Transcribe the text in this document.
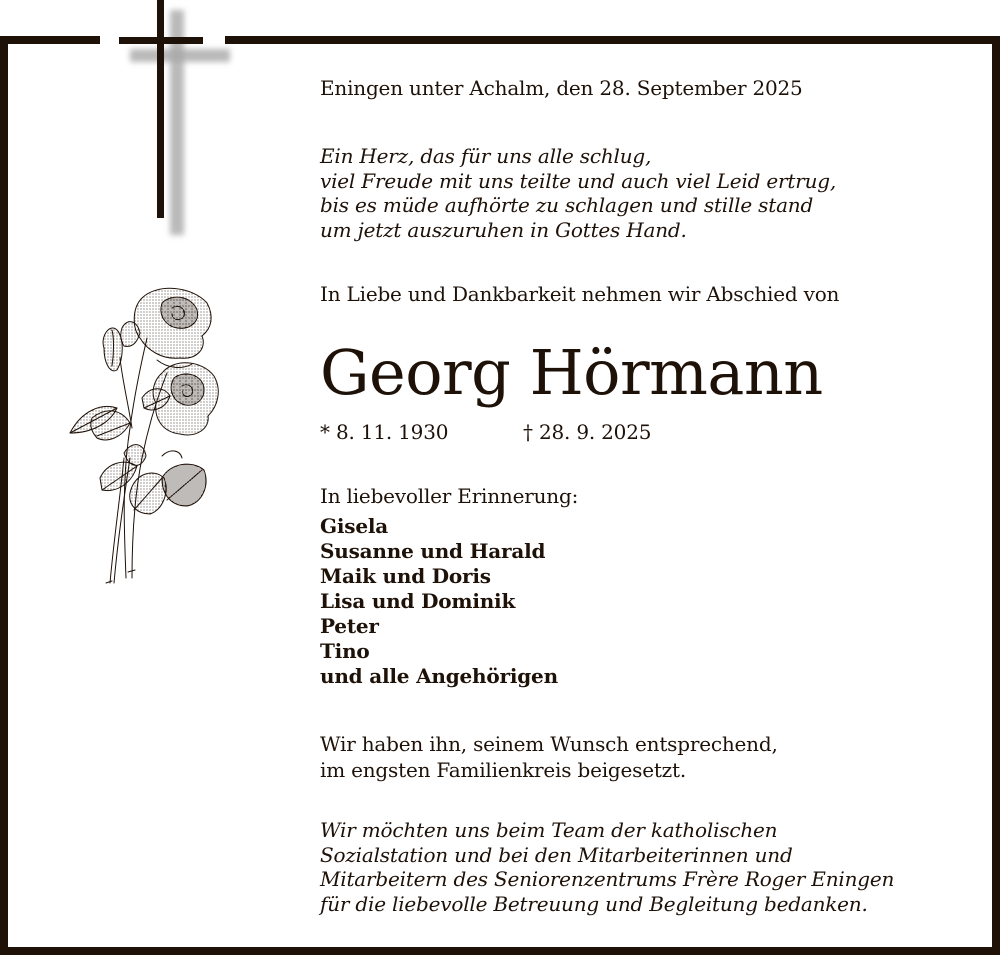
Eningen unter Achalm, den 28. September 2025
Ein Herz, das für uns alle schlug,
viel Freude mit uns teilte und auch viel Leid ertrug,
bis es müde aufhörte zu schlagen und stille stand
um jetzt auszuruhen in Gottes Hand.
In Liebe und Dankbarkeit nehmen wir Abschied von
Georg Hörmann
* 8. 11. 1930	† 28. 9. 2025
In liebevoller Erinnerung:
Gisela
Susanne und Harald
Maik und Doris
Lisa und Dominik
Peter
Tino
und alle Angehörigen
Wir haben ihn, seinem Wunsch entsprechend,
im engsten Familienkreis beigesetzt.
Wir möchten uns beim Team der katholischen
Sozialstation und bei den Mitarbeiterinnen und
Mitarbeitern des Seniorenzentrums Frère Roger Eningen
für die liebevolle Betreuung und Begleitung bedanken.
